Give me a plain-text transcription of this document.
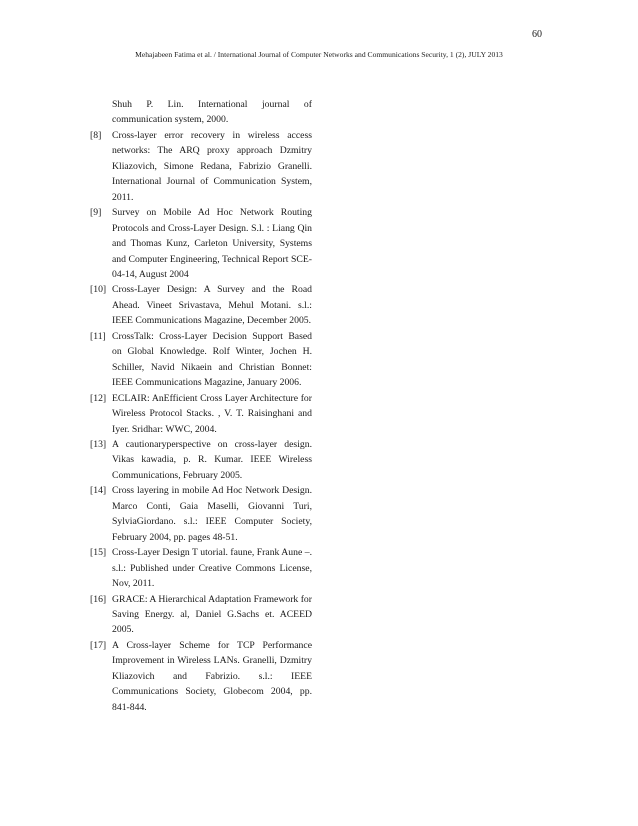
60
Mehajabeen Fatima et al. / International Journal of Computer Networks and Communications Security, 1 (2), JULY 2013
Shuh P. Lin. International journal of communication system, 2000.
[8]	Cross-layer error recovery in wireless access networks: The ARQ proxy approach Dzmitry Kliazovich, Simone Redana, Fabrizio Granelli. International Journal of Communication System, 2011.
[9]	Survey on Mobile Ad Hoc Network Routing Protocols and Cross-Layer Design. S.l. : Liang Qin and Thomas Kunz, Carleton University, Systems and Computer Engineering, Technical Report SCE-04-14, August 2004
[10] Cross-Layer Design: A Survey and the Road Ahead. Vineet Srivastava, Mehul Motani. s.l.: IEEE Communications Magazine, December 2005.
[11] CrossTalk: Cross-Layer Decision Support Based on Global Knowledge. Rolf Winter, Jochen H. Schiller, Navid Nikaein and Christian Bonnet: IEEE Communications Magazine, January 2006.
[12] ECLAIR: AnEfficient Cross Layer Architecture for Wireless Protocol Stacks. , V. T. Raisinghani and Iyer. Sridhar: WWC, 2004.
[13] A cautionaryperspective on cross-layer design. Vikas kawadia, p. R. Kumar. IEEE Wireless Communications, February 2005.
[14] Cross layering in mobile Ad Hoc Network Design. Marco Conti, Gaia Maselli, Giovanni Turi, SylviaGiordano. s.l.: IEEE Computer Society, February 2004, pp. pages 48-51.
[15] Cross-Layer Design T utorial. faune, Frank Aune –. s.l.: Published under Creative Commons License, Nov, 2011.
[16] GRACE: A Hierarchical Adaptation Framework for Saving Energy. al, Daniel G.Sachs et. ACEED 2005.
[17] A Cross-layer Scheme for TCP Performance Improvement in Wireless LANs. Granelli, Dzmitry Kliazovich and Fabrizio. s.l.: IEEE Communications Society, Globecom 2004, pp. 841-844.
